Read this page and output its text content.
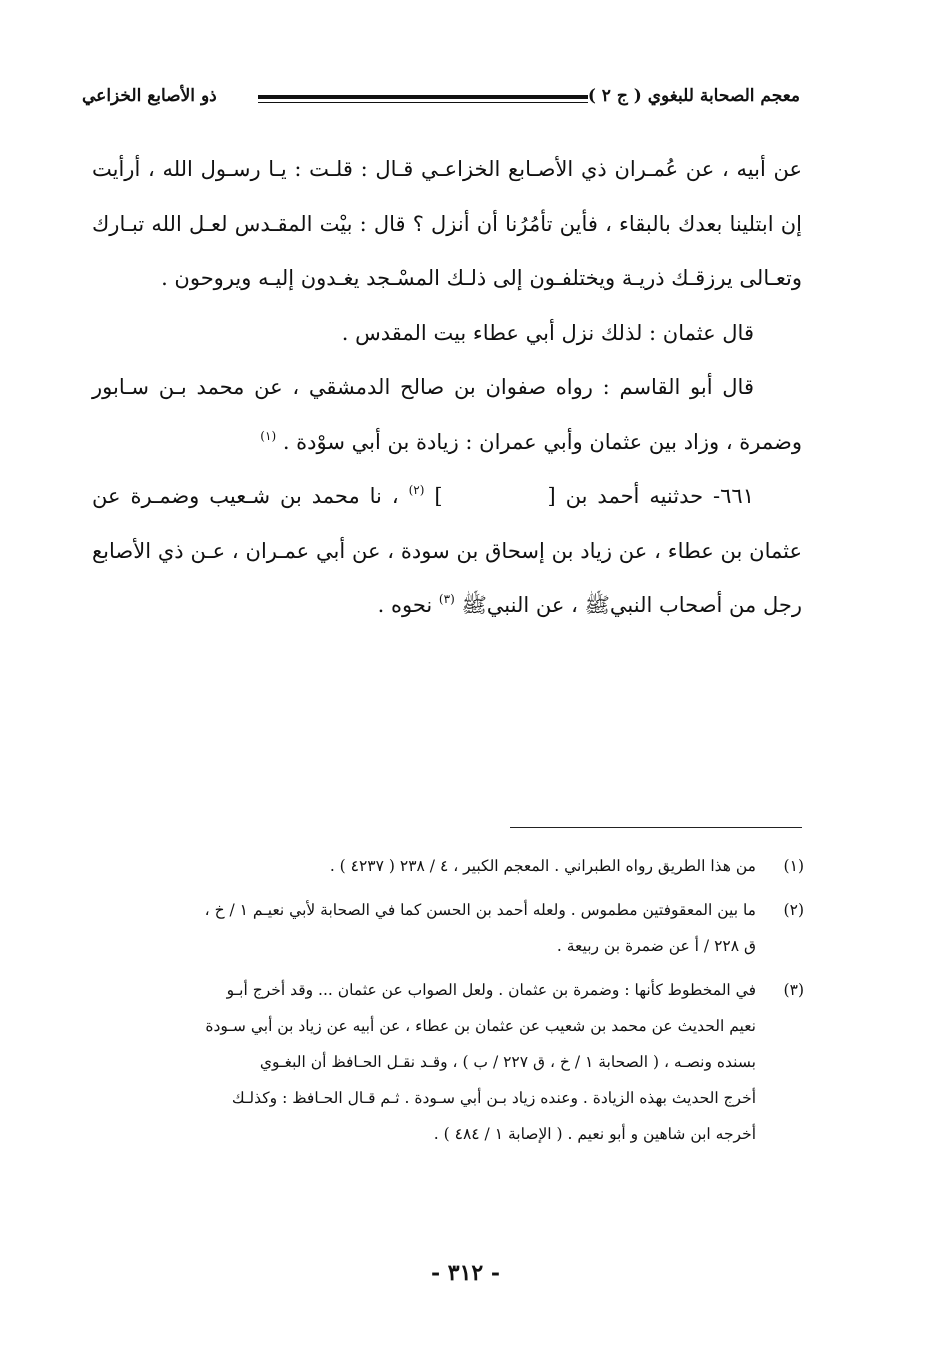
معجم الصحابة للبغوي ( ج ٢ )
ذو الأصابع الخزاعي

عن أبيه ، عن عُمـران ذي الأصـابع الخزاعـي قـال : قلـت : يـا رسـول الله ، أرأيت إن ابتلينا بعدك بالبقاء ، فأين تأمُرُنا أن أنزل ؟ قال : بيْت المقـدس لعـل الله تبـارك وتعـالى يرزقـك ذريـة ويختلفـون إلى ذلـك المسْـجد يغـدون إليـه ويروحون .

قال عثمان : لذلك نزل أبي عطاء بيت المقدس .

قال أبو القاسم : رواه صفوان بن صالح الدمشقي ، عن محمد بـن سـابور وضمرة ، وزاد بين عثمان وأبي عمران : زيادة بن أبي سوْدة . $^{(١)}$

٦٦١- حدثنيه أحمد بن [] $^{(٢)}$ ، نا محمد بن شـعيب وضمـرة عن عثمان بن عطاء ، عن زياد بن إسحاق بن سودة ، عن أبي عمـران ، عـن ذي الأصابع رجل من أصحاب النبيﷺ ، عن النبيﷺ $^{(٣)}$ نحوه .

(١)
من هذا الطريق رواه الطبراني . المعجم الكبير ، ٤ / ٢٣٨ ( ٤٢٣٧ ) .
(٢)
ما بين المعقوفتين مطموس . ولعله أحمد بن الحسن كما في الصحابة لأبي نعيـم ١ / خ ،
ق ٢٢٨ / أ عن ضمرة بن ربيعة .
(٣)
في المخطوط كأنها : وضمرة بن عثمان . ولعل الصواب عن عثمان ... وقد أخرج أبـو
نعيم الحديث عن محمد بن شعيب عن عثمان بن عطاء ، عن أبيه عن زياد بن أبي سـودة
بسنده ونصـه ، ( الصحابة ١ / خ ، ق ٢٢٧ / ب ) ، وقـد نقـل الحـافظ أن البغـوي
أخرج الحديث بهذه الزيادة . وعنده زياد بـن أبي سـودة . ثـم قـال الحـافظ : وكذلـك
أخرجه ابن شاهين و أبو نعيم . ( الإصابة ١ / ٤٨٤ ) .
- ٣١٢ -
